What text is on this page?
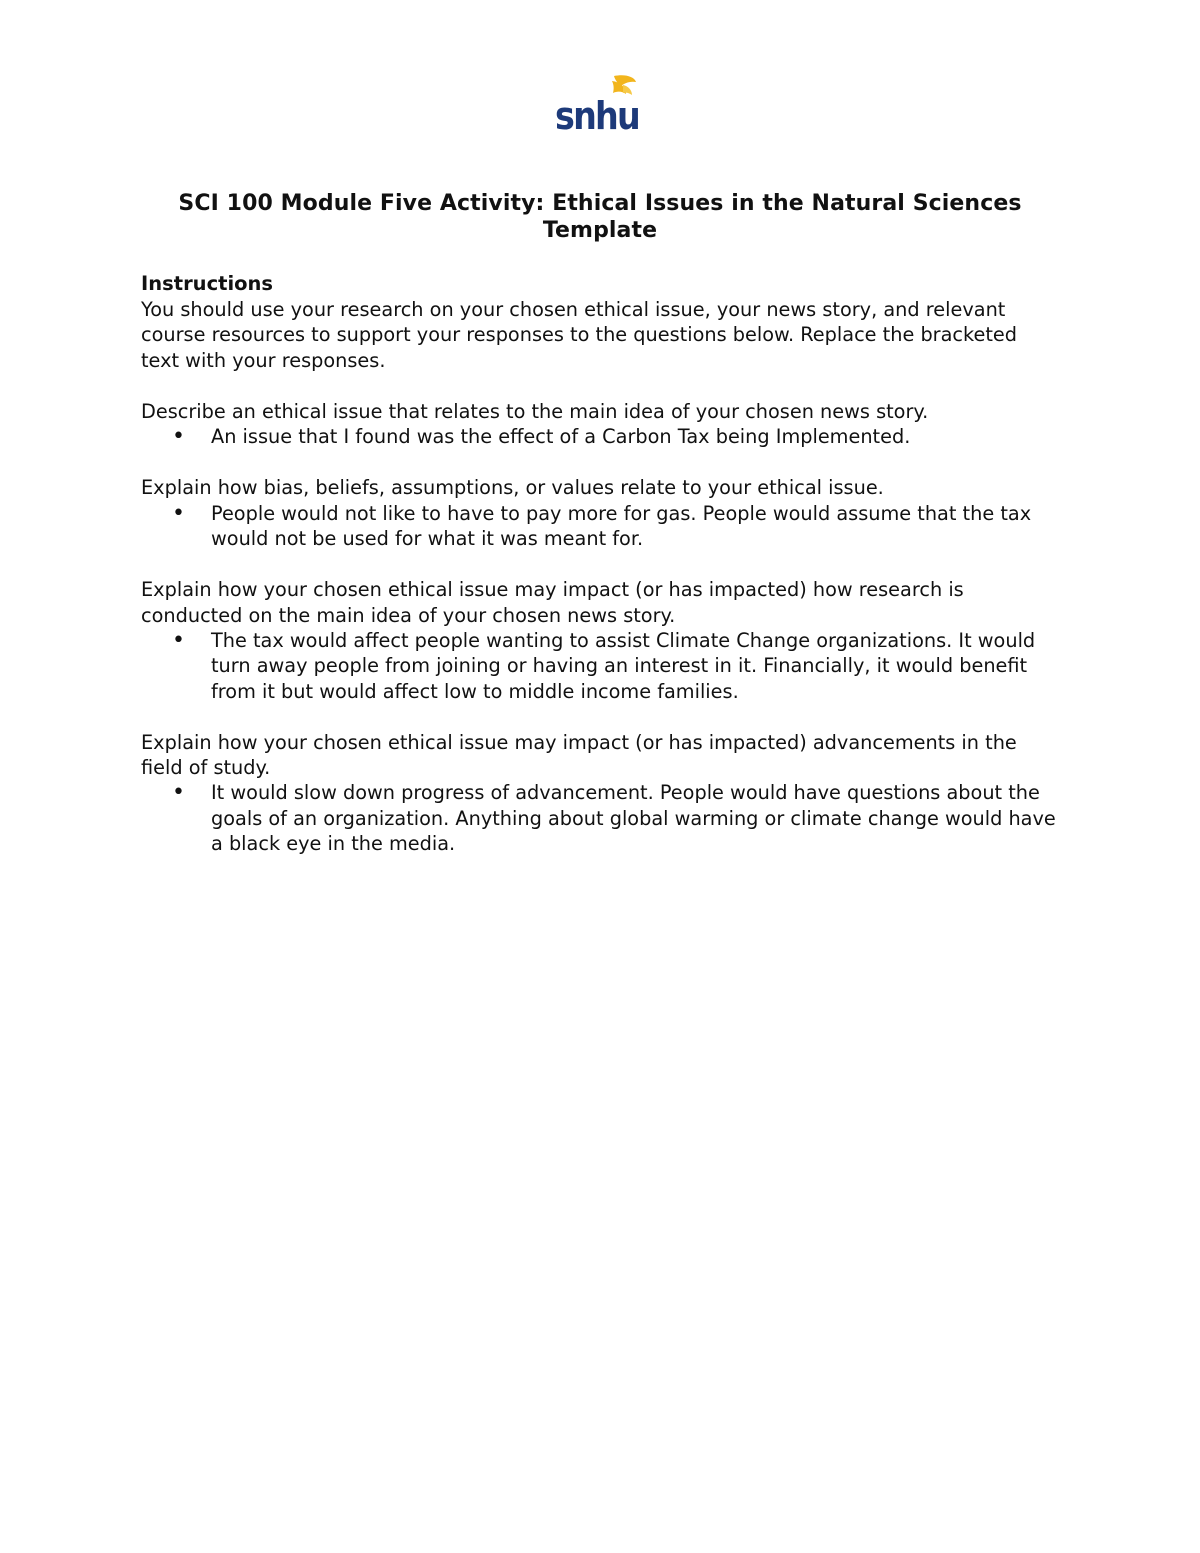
snhu
SCI 100 Module Five Activity: Ethical Issues in the Natural Sciences Template

Instructions

You should use your research on your chosen ethical issue, your news story, and relevant course resources to support your responses to the questions below. Replace the bracketed text with your responses.

Describe an ethical issue that relates to the main idea of your chosen news story.

• An issue that I found was the effect of a Carbon Tax being Implemented.

Explain how bias, beliefs, assumptions, or values relate to your ethical issue.

• People would not like to have to pay more for gas. People would assume that the tax would not be used for what it was meant for.

Explain how your chosen ethical issue may impact (or has impacted) how research is conducted on the main idea of your chosen news story.

• The tax would affect people wanting to assist Climate Change organizations. It would turn away people from joining or having an interest in it. Financially, it would benefit from it but would affect low to middle income families.

Explain how your chosen ethical issue may impact (or has impacted) advancements in the field of study.

• It would slow down progress of advancement. People would have questions about the goals of an organization. Anything about global warming or climate change would have a black eye in the media.
